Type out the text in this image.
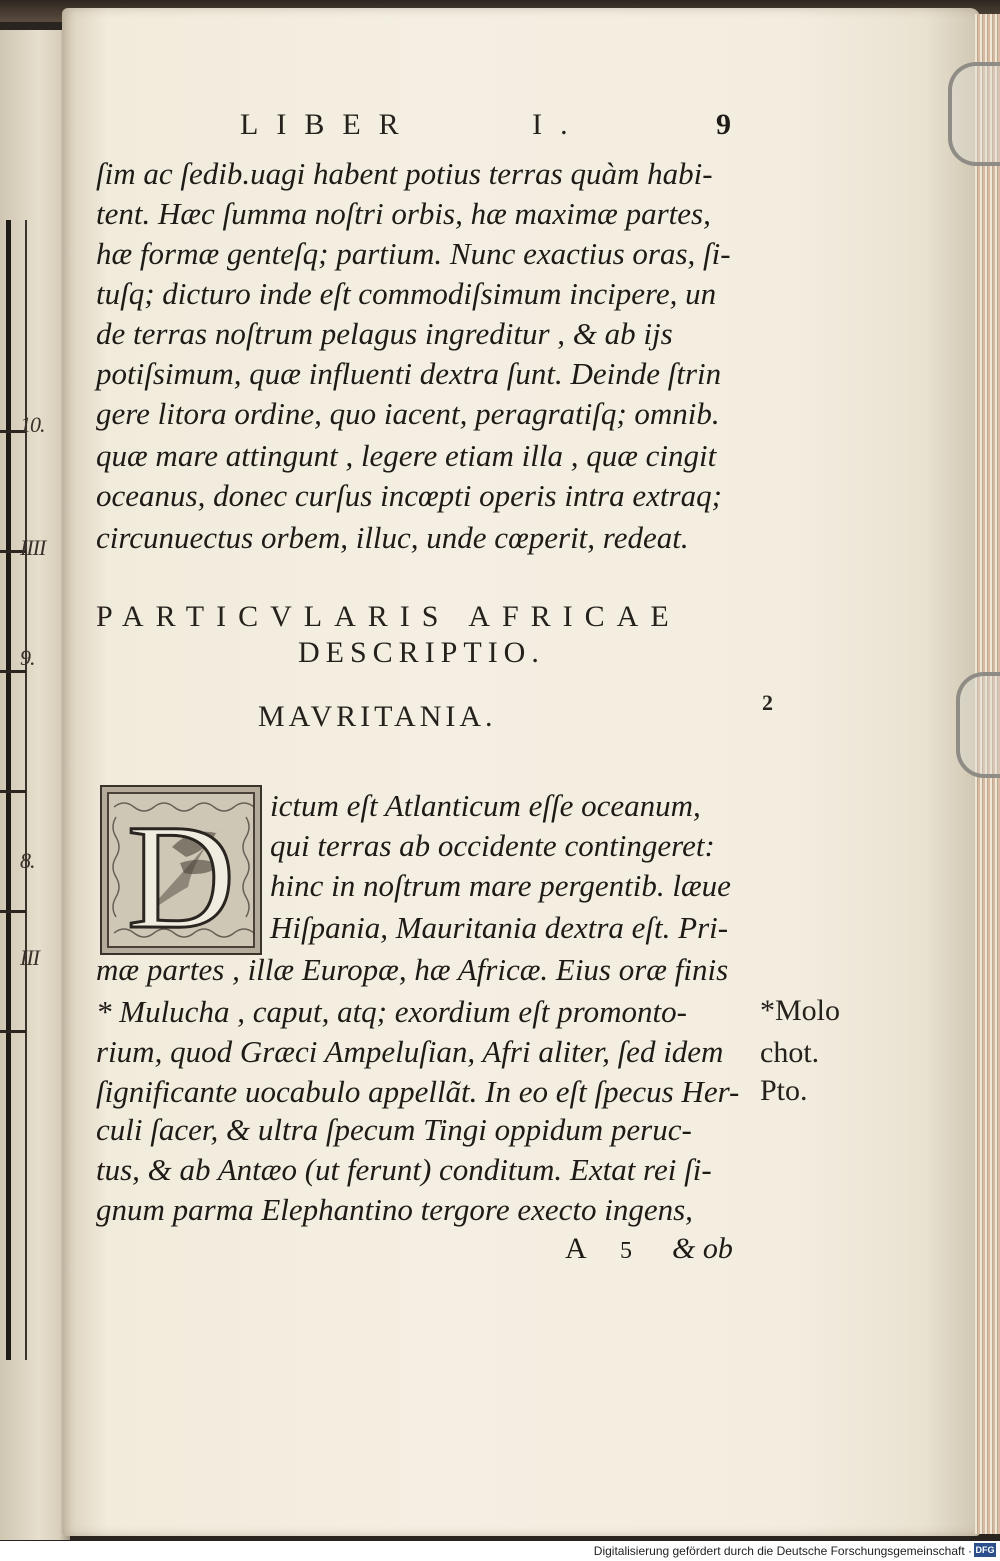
10.
IIII
9.
8.
III
LIBER	I.	9
ſim ac ſedib.uagi habent potius terras quàm habi-
tent. Hæc ſumma noſtri orbis, hæ maximæ partes,
hæ formæ genteſq; partium. Nunc exactius oras, ſi-
tuſq; dicturo inde eſt commodiſsimum incipere, un
de terras noſtrum pelagus ingreditur , & ab ijs
potiſsimum, quæ influenti dextra ſunt. Deinde ſtrin
gere litora ordine, quo iacent, peragratiſq; omnib.
quæ mare attingunt , legere etiam illa , quæ cingit
oceanus, donec curſus incœpti operis intra extraq;
circunuectus orbem, illuc, unde cœperit, redeat.
PARTICVLARIS AFRICAE
DESCRIPTIO.
MAVRITANIA.	2
D ictum eſt Atlanticum eſſe oceanum,
qui terras ab occidente contingeret:
hinc in noſtrum mare pergentib. læue
Hiſpania, Mauritania dextra eſt. Pri-
mæ partes , illæ Europæ, hæ Africæ. Eius oræ finis
* Mulucha , caput, atq; exordium eſt promonto-
rium, quod Græci Ampeluſian, Afri aliter, ſed idem
ſignificante uocabulo appellãt. In eo eſt ſpecus Her-
culi ſacer, & ultra ſpecum Tingi oppidum peruc-
tus, & ab Antæo (ut ferunt) conditum. Extat rei ſi-
gnum parma Elephantino tergore execto ingens,
*Molo
chot.
Pto.
A 5 & ob
Digitalisierung gefördert durch die Deutsche Forschungsgemeinschaft · DFG
